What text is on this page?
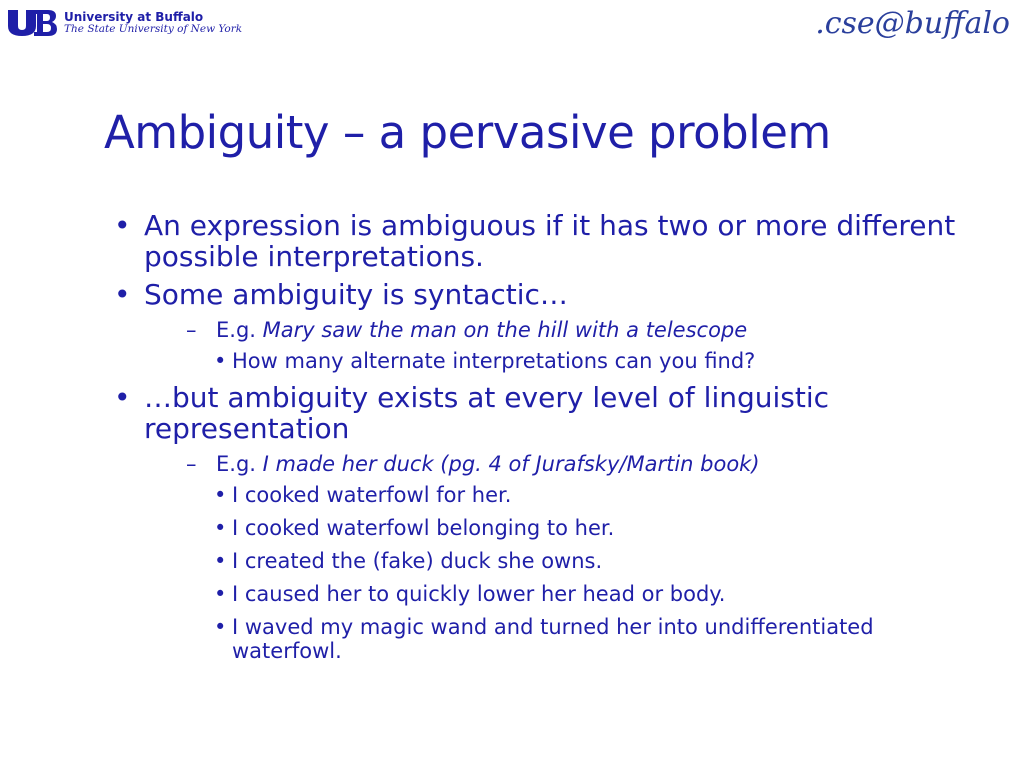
University at Buffalo
The State University of New York	.cse@buffalo
Ambiguity – a pervasive problem
• An expression is ambiguous if it has two or more different possible interpretations.
• Some ambiguity is syntactic…
– E.g. Mary saw the man on the hill with a telescope
• How many alternate interpretations can you find?
• …but ambiguity exists at every level of linguistic representation
– E.g. I made her duck (pg. 4 of Jurafsky/Martin book)
• I cooked waterfowl for her.
• I cooked waterfowl belonging to her.
• I created the (fake) duck she owns.
• I caused her to quickly lower her head or body.
• I waved my magic wand and turned her into undifferentiated waterfowl.
